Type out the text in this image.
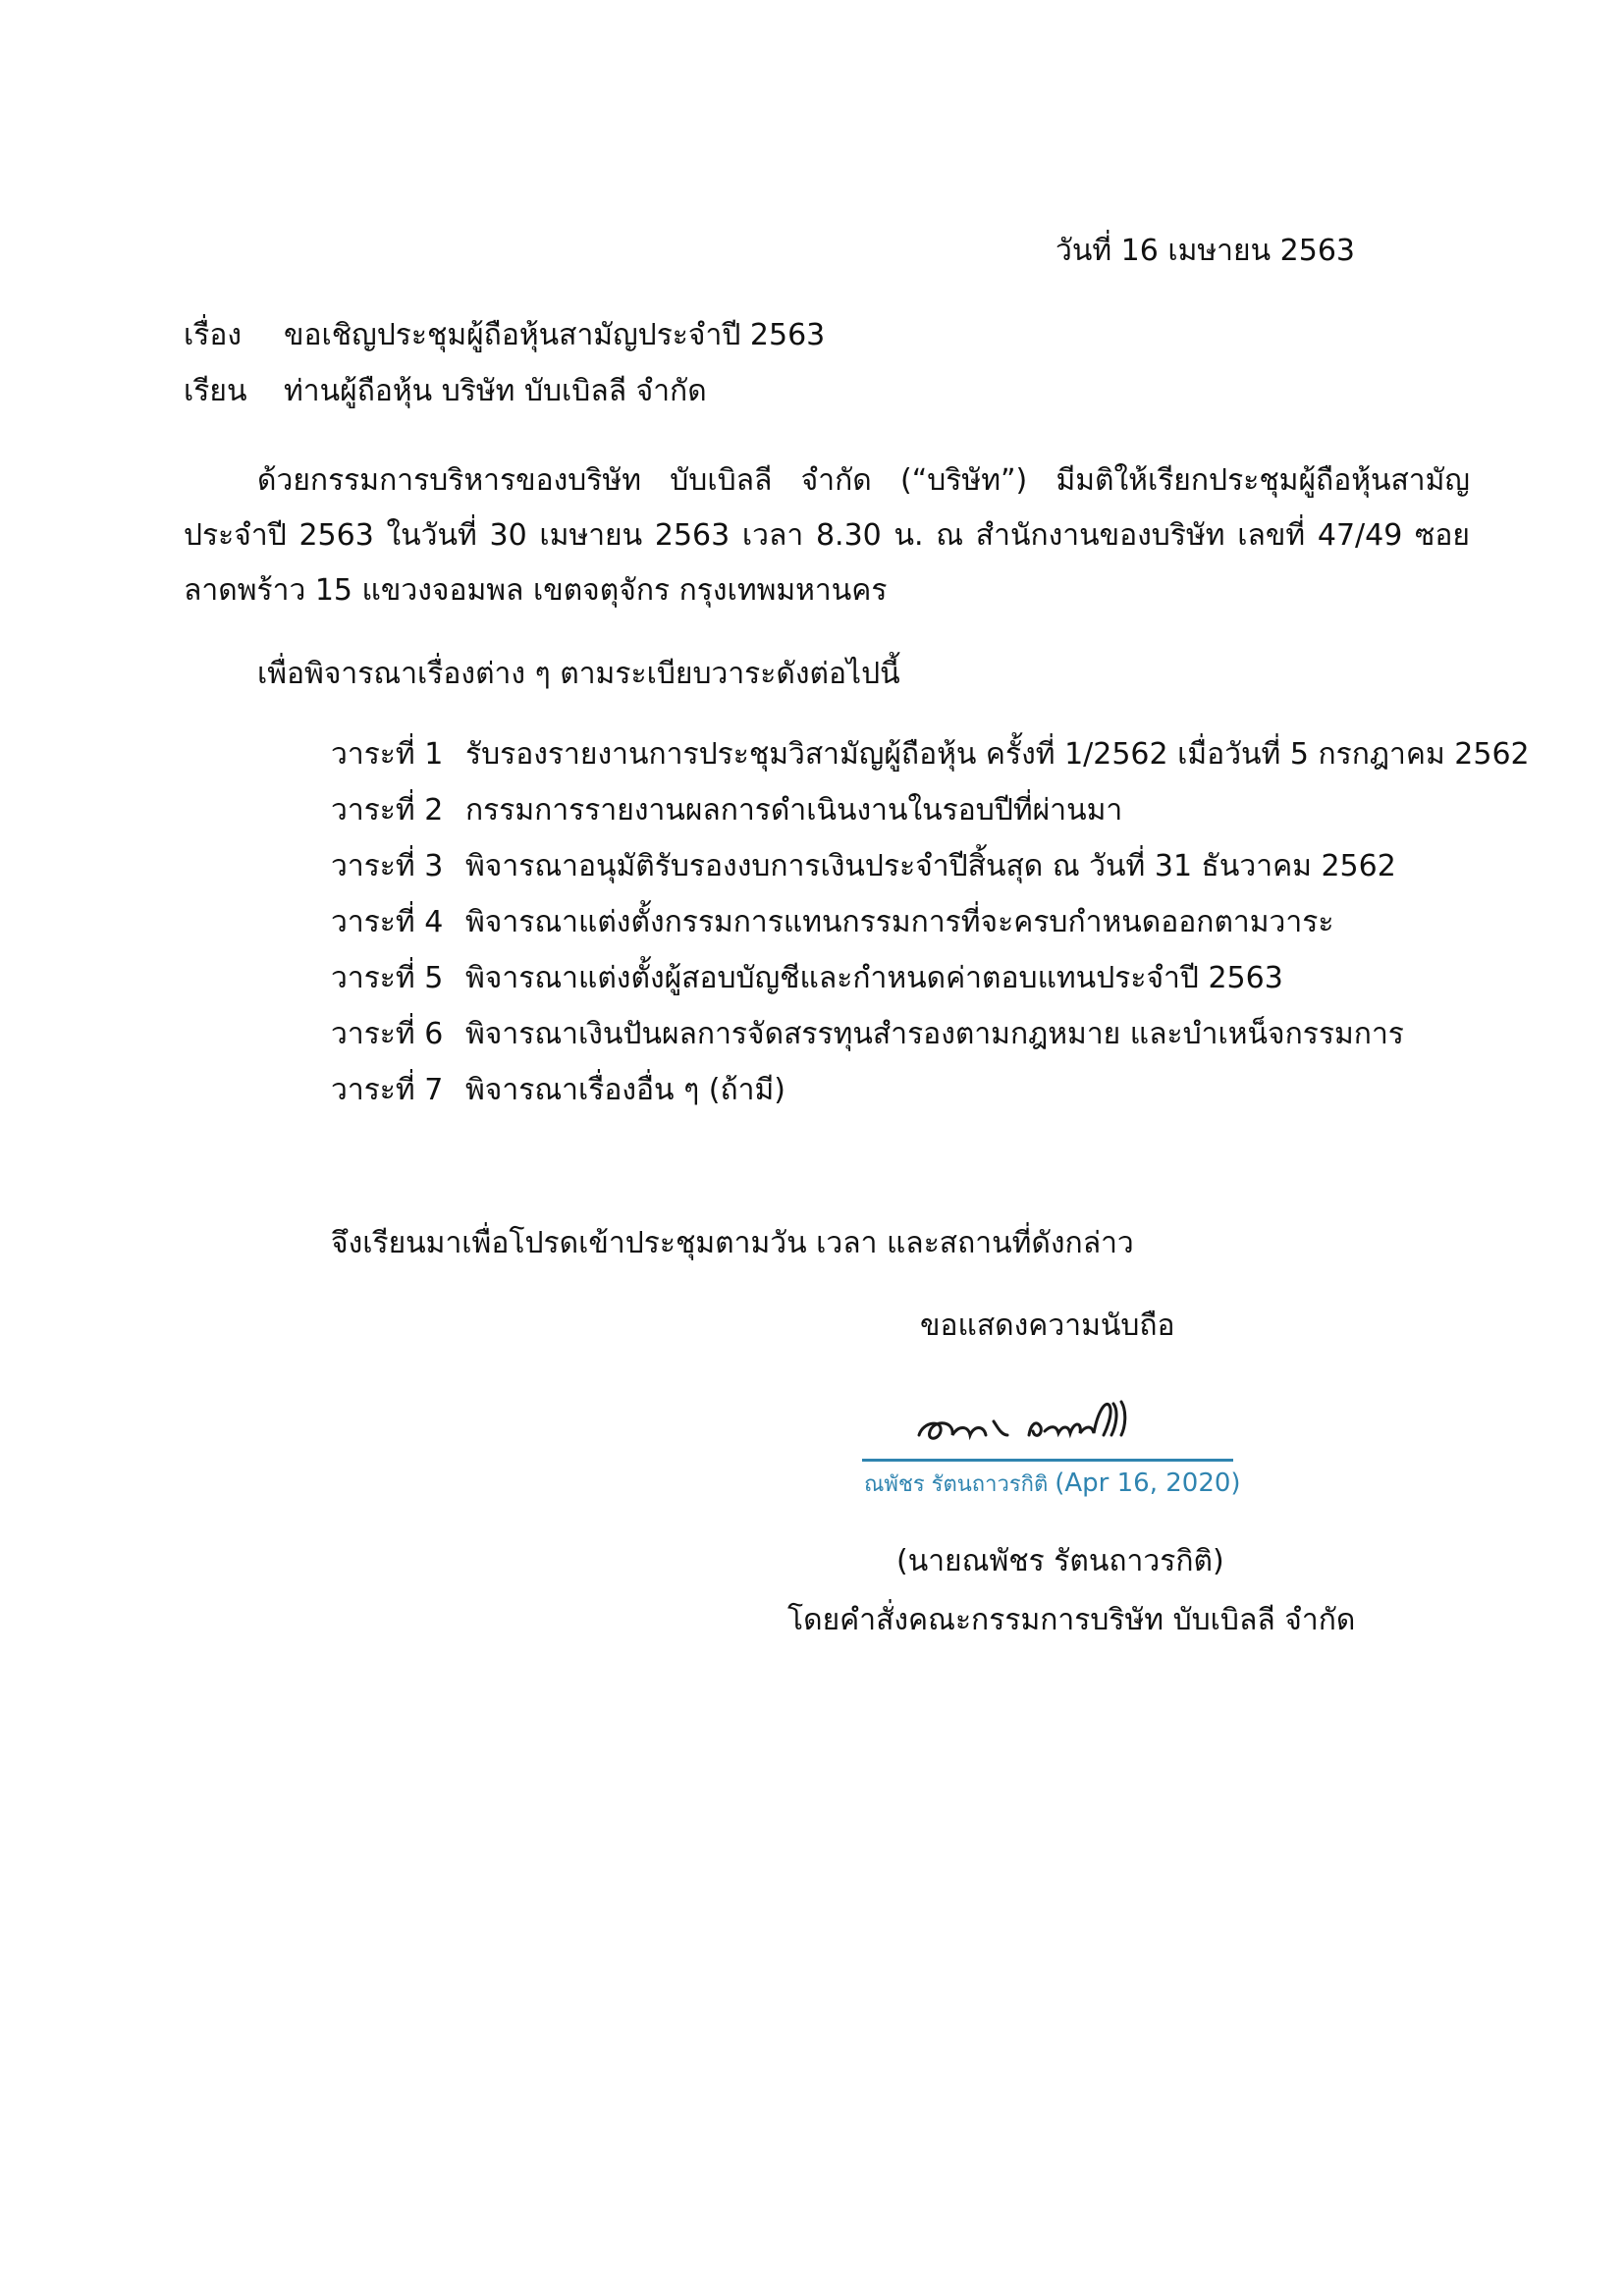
วันที่ 16 เมษายน 2563
เรื่อง ขอเชิญประชุมผู้ถือหุ้นสามัญประจำปี 2563
เรียน ท่านผู้ถือหุ้น บริษัท บับเบิลลี จำกัด
ด้วยกรรมการบริหารของบริษัท บับเบิลลี จำกัด (“บริษัท”) มีมติให้เรียกประชุมผู้ถือหุ้นสามัญประจำปี 2563 ในวันที่ 30 เมษายน 2563 เวลา 8.30 น. ณ สำนักงานของบริษัท เลขที่ 47/49 ซอยลาดพร้าว 15 แขวงจอมพล เขตจตุจักร กรุงเทพมหานคร
เพื่อพิจารณาเรื่องต่าง ๆ ตามระเบียบวาระดังต่อไปนี้
วาระที่ 1 รับรองรายงานการประชุมวิสามัญผู้ถือหุ้น ครั้งที่ 1/2562 เมื่อวันที่ 5 กรกฎาคม 2562
วาระที่ 2 กรรมการรายงานผลการดำเนินงานในรอบปีที่ผ่านมา
วาระที่ 3 พิจารณาอนุมัติรับรองงบการเงินประจำปีสิ้นสุด ณ วันที่ 31 ธันวาคม 2562
วาระที่ 4 พิจารณาแต่งตั้งกรรมการแทนกรรมการที่จะครบกำหนดออกตามวาระ
วาระที่ 5 พิจารณาแต่งตั้งผู้สอบบัญชีและกำหนดค่าตอบแทนประจำปี 2563
วาระที่ 6 พิจารณาเงินปันผลการจัดสรรทุนสำรองตามกฎหมาย และบำเหน็จกรรมการ
วาระที่ 7 พิจารณาเรื่องอื่น ๆ (ถ้ามี)
จึงเรียนมาเพื่อโปรดเข้าประชุมตามวัน เวลา และสถานที่ดังกล่าว
ขอแสดงความนับถือ
ณพัชร รัตนถาวรกิติ (Apr 16, 2020)
(นายณพัชร รัตนถาวรกิติ)
โดยคำสั่งคณะกรรมการบริษัท บับเบิลลี จำกัด
